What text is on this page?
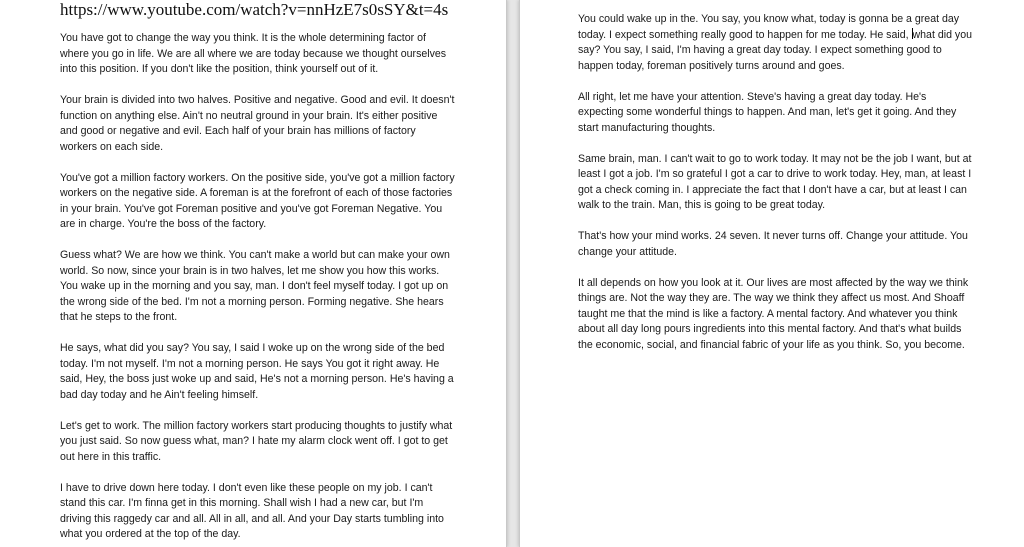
https://www.youtube.com/watch?v=nnHzE7s0sSY&t=4s

You have got to change the way you think. It is the whole determining factor of where you go in life. We are all where we are today because we thought ourselves into this position. If you don't like the position, think yourself out of it.

Your brain is divided into two halves. Positive and negative. Good and evil. It doesn't function on anything else. Ain't no neutral ground in your brain. It's either positive and good or negative and evil. Each half of your brain has millions of factory workers on each side.

You've got a million factory workers. On the positive side, you've got a million factory workers on the negative side. A foreman is at the forefront of each of those factories in your brain. You've got Foreman positive and you've got Foreman Negative. You are in charge. You're the boss of the factory.

Guess what? We are how we think. You can't make a world but can make your own world. So now, since your brain is in two halves, let me show you how this works. You wake up in the morning and you say, man. I don't feel myself today. I got up on the wrong side of the bed. I'm not a morning person. Forming negative. She hears that he steps to the front.

He says, what did you say? You say, I said I woke up on the wrong side of the bed today. I'm not myself. I'm not a morning person. He says You got it right away. He said, Hey, the boss just woke up and said, He's not a morning person. He's having a bad day today and he Ain't feeling himself.

Let's get to work. The million factory workers start producing thoughts to justify what you just said. So now guess what, man? I hate my alarm clock went off. I got to get out here in this traffic.

I have to drive down here today. I don't even like these people on my job. I can't stand this car. I'm finna get in this morning. Shall wish I had a new car, but I'm driving this raggedy car and all. All in all, and all. And your Day starts tumbling into what you ordered at the top of the day.

You could wake up in the. You say, you know what, today is gonna be a great day today. I expect something really good to happen for me today. He said, what did you say? You say, I said, I'm having a great day today. I expect something good to happen today, foreman positively turns around and goes.

All right, let me have your attention. Steve's having a great day today. He's expecting some wonderful things to happen. And man, let's get it going. And they start manufacturing thoughts.

Same brain, man. I can't wait to go to work today. It may not be the job I want, but at least I got a job. I'm so grateful I got a car to drive to work today. Hey, man, at least I got a check coming in. I appreciate the fact that I don't have a car, but at least I can walk to the train. Man, this is going to be great today.

That's how your mind works. 24 seven. It never turns off. Change your attitude. You change your attitude.

It all depends on how you look at it. Our lives are most affected by the way we think things are. Not the way they are. The way we think they affect us most. And Shoaff taught me that the mind is like a factory. A mental factory. And whatever you think about all day long pours ingredients into this mental factory. And that's what builds the economic, social, and financial fabric of your life as you think. So, you become.
